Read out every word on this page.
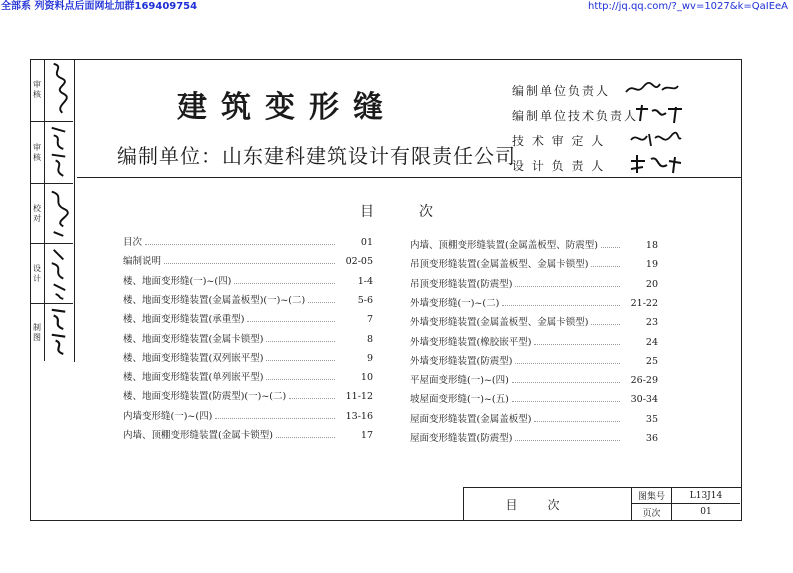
全部系 列资料点后面网址加群169409754	http://jq.qq.com/?_wv=1027&k=QaIEeA
审核
审核
校对
设计
制图
建筑变形缝
编制单位：山东建科建筑设计有限责任公司
编制单位负责人
编制单位技术负责人
技 术 审 定 人
设 计 负 责 人
目次
目次	01
编制说明	02-05
楼、地面变形缝(一)~(四)	1-4
楼、地面变形缝装置(金属盖板型)(一)~(二)	5-6
楼、地面变形缝装置(承重型)	7
楼、地面变形缝装置(金属卡锁型)	8
楼、地面变形缝装置(双列嵌平型)	9
楼、地面变形缝装置(单列嵌平型)	10
楼、地面变形缝装置(防震型)(一)~(二)	11-12
内墙变形缝(一)~(四)	13-16
内墙、顶棚变形缝装置(金属卡锁型)	17
内墙、顶棚变形缝装置(金属盖板型、防震型)	18
吊顶变形缝装置(金属盖板型、金属卡锁型)	19
吊顶变形缝装置(防震型)	20
外墙变形缝(一)~(二)	21-22
外墙变形缝装置(金属盖板型、金属卡锁型)	23
外墙变形缝装置(橡胶嵌平型)	24
外墙变形缝装置(防震型)	25
平屋面变形缝(一)~(四)	26-29
坡屋面变形缝(一)~(五)	30-34
屋面变形缝装置(金属盖板型)	35
屋面变形缝装置(防震型)	36
目次
图集号	L13J14
页次	01
